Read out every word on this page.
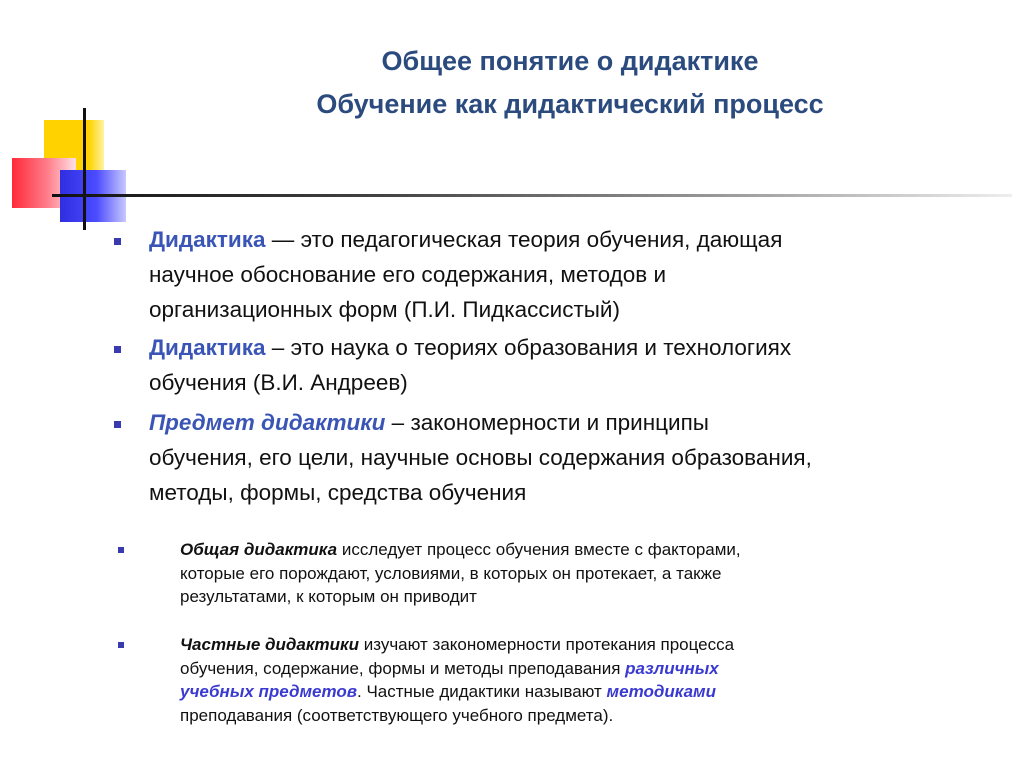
Общее понятие о дидактике
Обучение как дидактический процесс
Дидактика — это педагогическая теория обучения, дающая
научное обоснование его содержания, методов и
организационных форм (П.И. Пидкассистый)
Дидактика – это наука о теориях образования и технологиях
обучения (В.И. Андреев)
Предмет дидактики – закономерности и принципы
обучения, его цели, научные основы содержания образования,
методы, формы, средства обучения
Общая дидактика исследует процесс обучения вместе с факторами,
которые его порождают, условиями, в которых он протекает, а также
результатами, к которым он приводит
Частные дидактики изучают закономерности протекания процесса
обучения, содержание, формы и методы преподавания различных
учебных предметов. Частные дидактики называют методиками
преподавания (соответствующего учебного предмета).
